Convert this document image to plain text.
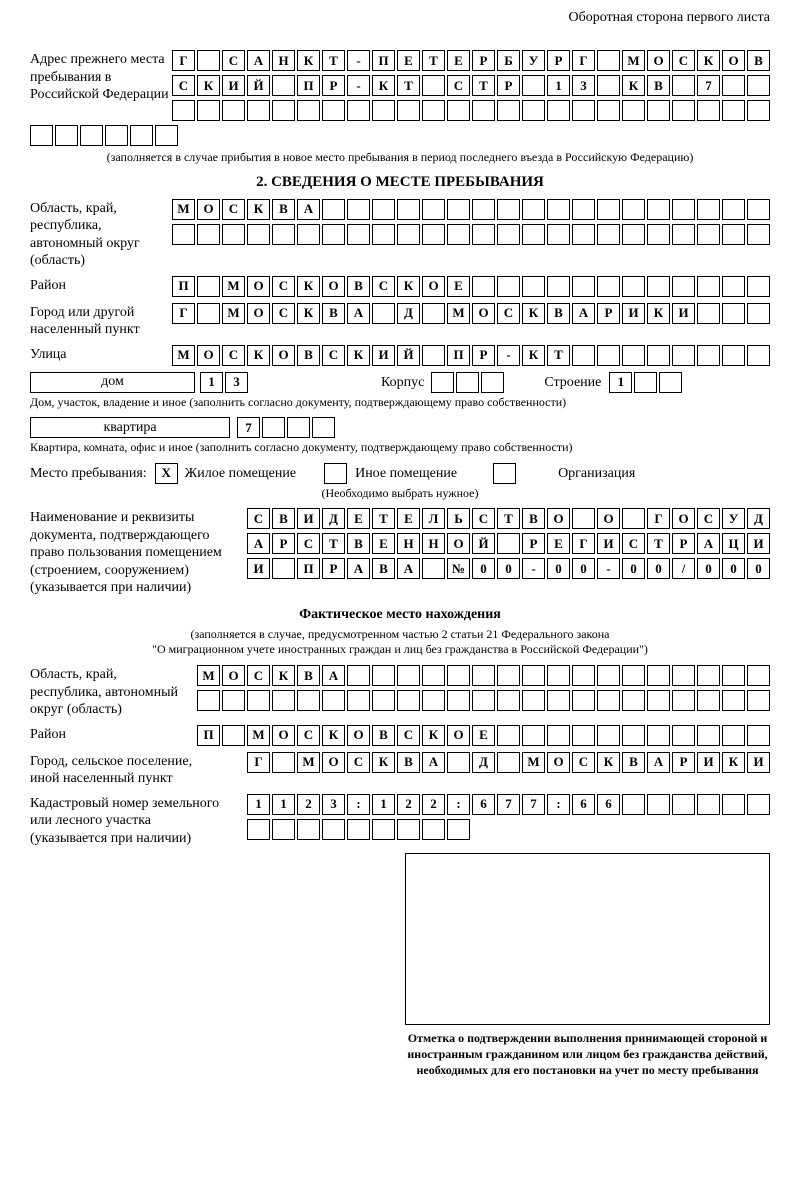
Оборотная сторона первого листа
Адрес прежнего места пребывания в Российской Федерации
Г	С	А	Н	К	Т	-	П	Е	Т	Е	Р	Б	У	Р	Г	М	О	С	К	О	В
С	К	И	Й	П	Р	-	К	Т	С	Т	Р	1	3	К	В	7
(заполняется в случае прибытия в новое место пребывания в период последнего въезда в Российскую Федерацию)
2. СВЕДЕНИЯ О МЕСТЕ ПРЕБЫВАНИЯ
Область, край, республика, автономный округ (область)
М	О	С	К	В	А
Район	П	М	О	С	К	О	В	С	К	О	Е
Город или другой населенный пункт
Г	М	О	С	К	В	А	Д	М	О	С	К	В	А	Р	И	К	И
Улица	М	О	С	К	О	В	С	К	И	Й	П	Р	-	К	Т
дом	1	3	Корпус	Строение	1
Дом, участок, владение и иное (заполнить согласно документу, подтверждающему право собственности)
квартира	7
Квартира, комната, офис и иное (заполнить согласно документу, подтверждающему право собственности)
Место пребывания:	X Жилое помещение	Иное помещение	Организация
(Необходимо выбрать нужное)
Наименование и реквизиты документа, подтверждающего право пользования помещением (строением, сооружением) (указывается при наличии)
С	В	И	Д	Е	Т	Е	Л	Ь	С	Т	В	О	О	Г	О	С	У	Д
А	Р	С	Т	В	Е	Н	Н	О	Й	Р	Е	Г	И	С	Т	Р	А	Ц	И
И	П	Р	А	В	А	№	0	0	-	0	0	-	0	0	/	0	0	0
Фактическое место нахождения
(заполняется в случае, предусмотренном частью 2 статьи 21 Федерального закона
"О миграционном учете иностранных граждан и лиц без гражданства в Российской Федерации")
Область, край, республика, автономный округ (область)
М	О	С	К	В	А
Район	П	М	О	С	К	О	В	С	К	О	Е
Город, сельское поселение, иной населенный пункт
Г	М	О	С	К	В	А	Д	М	О	С	К	В	А	Р	И	К	И
Кадастровый номер земельного или лесного участка (указывается при наличии)
1	1	2	3	:	1	2	2	:	6	7	7	:	6	6
Отметка о подтверждении выполнения принимающей стороной и иностранным гражданином или лицом без гражданства действий, необходимых для его постановки на учет по месту пребывания
